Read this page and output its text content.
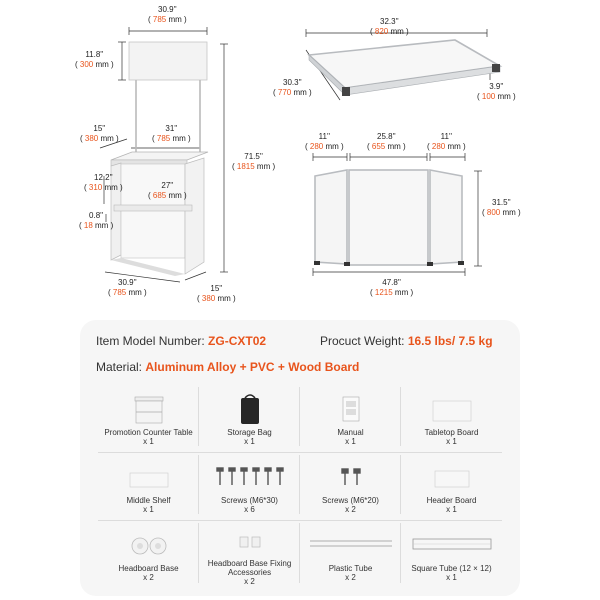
30.9''
( 785 mm )
11.8''
( 300 mm )
15''
( 380 mm )
31''
( 785 mm )
71.5''
( 1815 mm )
12.2''
( 310 mm )	27''
( 685 mm )
0.8''
( 18 mm )
30.9''
( 785 mm )	15''
( 380 mm )
32.3''
( 820 mm )
30.3''
( 770 mm )
3.9''
( 100 mm )
11''
( 280 mm )
25.8''
( 655 mm )
11''
( 280 mm )
31.5''
( 800 mm )
47.8''
( 1215 mm )
Item Model Number: ZG-CXT02	Procuct Weight: 16.5 lbs/ 7.5 kg
Material: Aluminum Alloy + PVC + Wood Board
Promotion Counter Table
x 1
Storage Bag
x 1
Manual
x 1
Tabletop Board
x 1
Middle Shelf
x 1
Screws (M6*30)
x 6
Screws (M6*20)
x 2
Header Board
x 1
Headboard Base
x 2
Headboard Base Fixing Accessories
x 2
Plastic Tube
x 2
Square Tube (12 × 12)
x 1
